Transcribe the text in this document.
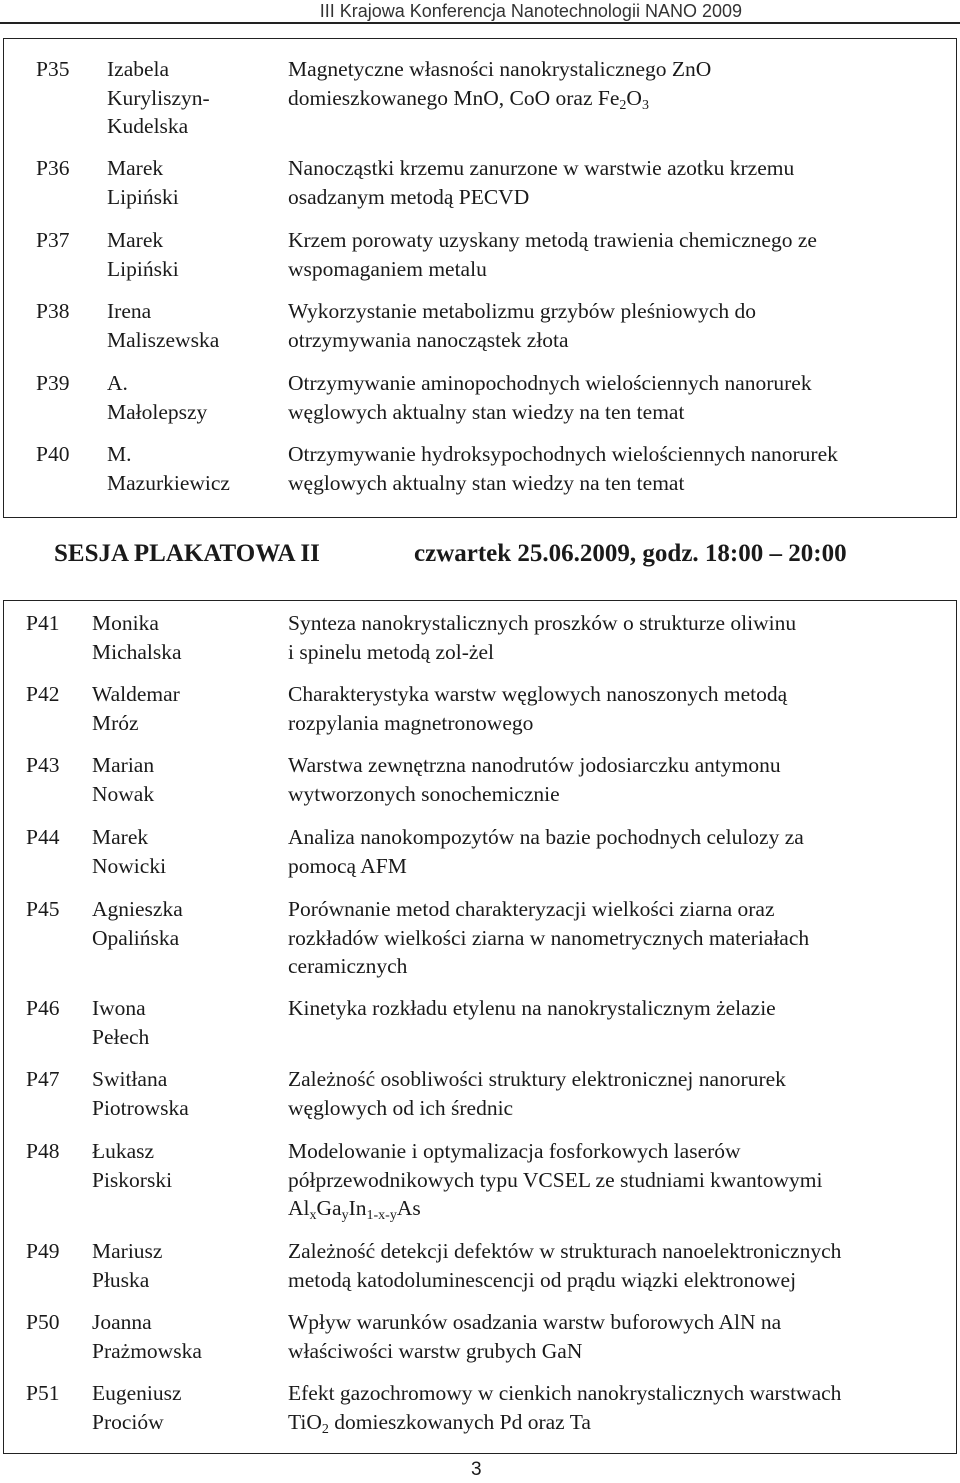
III Krajowa Konferencja Nanotechnologii NANO 2009
P35 Izabela
Kuryliszyn-
Kudelska
Magnetyczne własności nanokrystalicznego ZnO
domieszkowanego MnO, CoO oraz $Fe_2O_3$
P36 Marek
Lipiński
Nanocząstki krzemu zanurzone w warstwie azotku krzemu
osadzanym metodą PECVD
P37 Marek
Lipiński
Krzem porowaty uzyskany metodą trawienia chemicznego ze
wspomaganiem metalu
P38 Irena
Maliszewska
Wykorzystanie metabolizmu grzybów pleśniowych do
otrzymywania nanocząstek złota
P39 A.
Małolepszy
Otrzymywanie aminopochodnych wielościennych nanorurek
węglowych aktualny stan wiedzy na ten temat
P40 M.
Mazurkiewicz
Otrzymywanie hydroksypochodnych wielościennych nanorurek
węglowych aktualny stan wiedzy na ten temat
SESJA PLAKATOWA II	czwartek 25.06.2009, godz. 18:00 – 20:00
P41 Monika
Michalska
Synteza nanokrystalicznych proszków o strukturze oliwinu
i spinelu metodą zol-żel
P42 Waldemar
Mróz
Charakterystyka warstw węglowych nanoszonych metodą
rozpylania magnetronowego
P43 Marian
Nowak
Warstwa zewnętrzna nanodrutów jodosiarczku antymonu
wytworzonych sonochemicznie
P44 Marek
Nowicki
Analiza nanokompozytów na bazie pochodnych celulozy za
pomocą AFM
P45 Agnieszka
Opalińska
Porównanie metod charakteryzacji wielkości ziarna oraz
rozkładów wielkości ziarna w nanometrycznych materiałach
ceramicznych
P46 Iwona
Pełech
Kinetyka rozkładu etylenu na nanokrystalicznym żelazie
P47 Switłana
Piotrowska
Zależność osobliwości struktury elektronicznej nanorurek
węglowych od ich średnic
P48 Łukasz
Piskorski
Modelowanie i optymalizacja fosforkowych laserów
półprzewodnikowych typu VCSEL ze studniami kwantowymi
$Al_xGa_yIn_{1-x-y}As$
P49 Mariusz
Płuska
Zależność detekcji defektów w strukturach nanoelektronicznych
metodą katodoluminescencji od prądu wiązki elektronowej
P50 Joanna
Prażmowska
Wpływ warunków osadzania warstw buforowych AlN na
właściwości warstw grubych GaN
P51 Eugeniusz
Prociów
Efekt gazochromowy w cienkich nanokrystalicznych warstwach
TiO$_2$ domieszkowanych Pd oraz Ta
3
